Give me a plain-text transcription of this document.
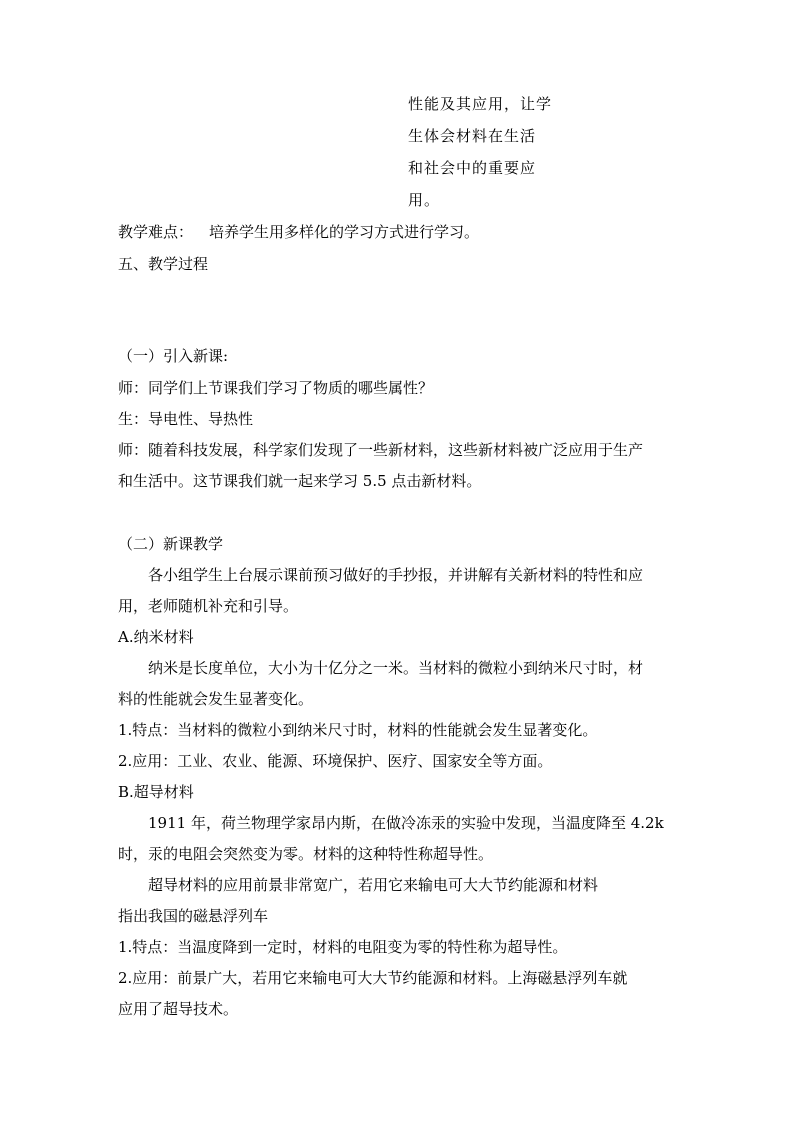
性能及其应用，让学
生体会材料在生活
和社会中的重要应
用。
教学难点： 培养学生用多样化的学习方式进行学习。
五、教学过程
（一）引入新课:
师：同学们上节课我们学习了物质的哪些属性？
生：导电性、导热性
师：随着科技发展，科学家们发现了一些新材料，这些新材料被广泛应用于生产
和生活中。这节课我们就一起来学习 5.5 点击新材料。
（二）新课教学
各小组学生上台展示课前预习做好的手抄报，并讲解有关新材料的特性和应
用，老师随机补充和引导。
A.纳米材料
纳米是长度单位，大小为十亿分之一米。当材料的微粒小到纳米尺寸时，材
料的性能就会发生显著变化。
1.特点：当材料的微粒小到纳米尺寸时，材料的性能就会发生显著变化。
2.应用：工业、农业、能源、环境保护、医疗、国家安全等方面。
B.超导材料
1911 年，荷兰物理学家昂内斯，在做冷冻汞的实验中发现，当温度降至 4.2k
时，汞的电阻会突然变为零。材料的这种特性称超导性。
超导材料的应用前景非常宽广，若用它来输电可大大节约能源和材料
指出我国的磁悬浮列车
1.特点：当温度降到一定时，材料的电阻变为零的特性称为超导性。
2.应用：前景广大，若用它来输电可大大节约能源和材料。上海磁悬浮列车就
应用了超导技术。
